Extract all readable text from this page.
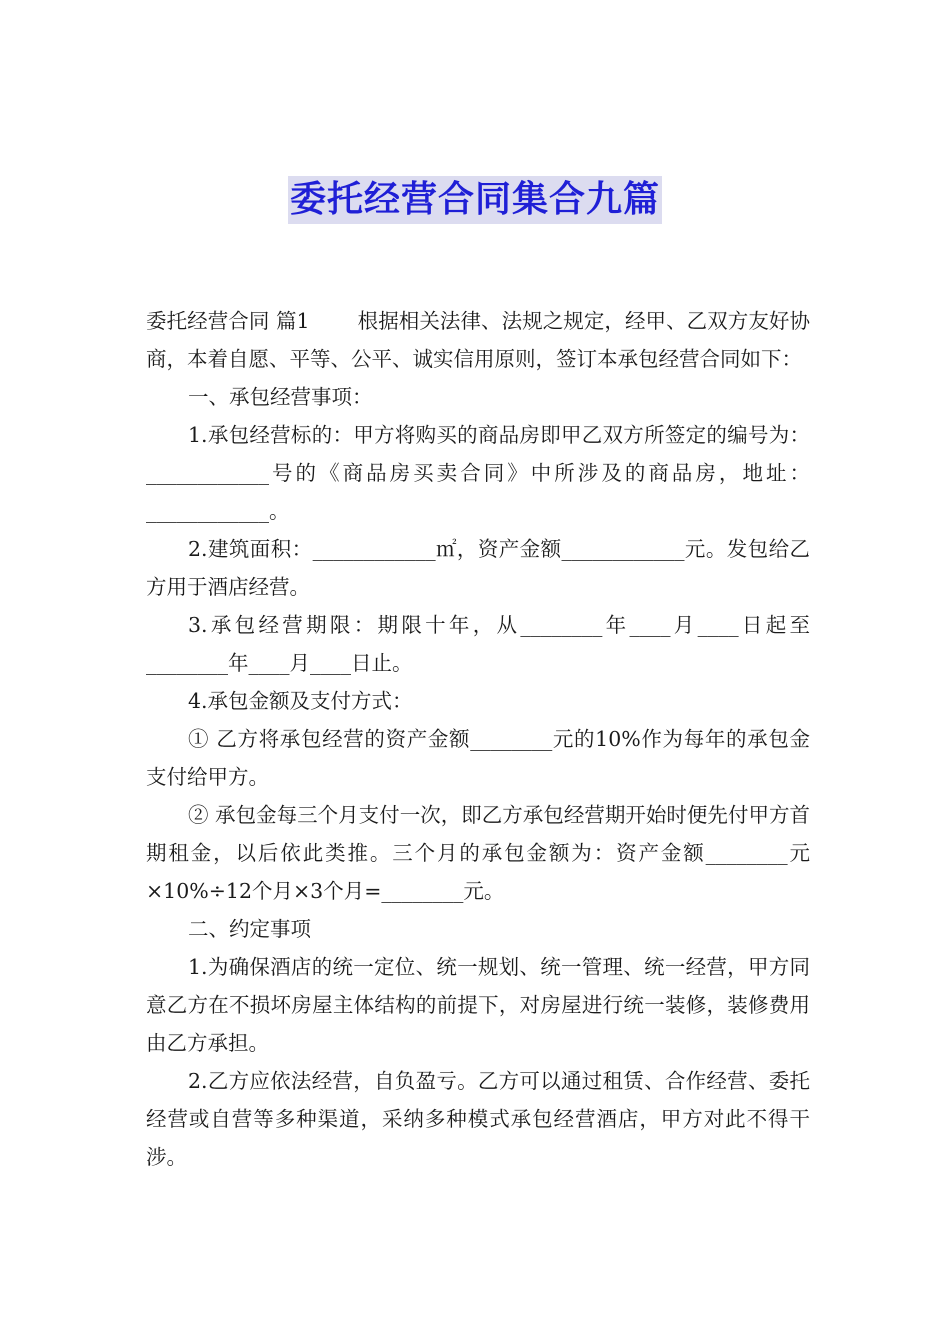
委托经营合同集合九篇

委托经营合同 篇1 根据相关法律、法规之规定，经甲、乙双方友好协商，本着自愿、平等、公平、诚实信用原则，签订本承包经营合同如下：

一、承包经营事项：

1.承包经营标的：甲方将购买的商品房即甲乙双方所签定的编号为：____________号的《商品房买卖合同》中所涉及的商品房，地址：____________。

2.建筑面积：____________㎡，资产金额____________元。发包给乙方用于酒店经营。

3.承包经营期限：期限十年，从________年____月____日起至________年____月____日止。

4.承包金额及支付方式：

① 乙方将承包经营的资产金额________元的10%作为每年的承包金支付给甲方。

② 承包金每三个月支付一次，即乙方承包经营期开始时便先付甲方首期租金，以后依此类推。三个月的承包金额为：资产金额________元×10%÷12个月×3个月=________元。

二、约定事项

1.为确保酒店的统一定位、统一规划、统一管理、统一经营，甲方同意乙方在不损坏房屋主体结构的前提下，对房屋进行统一装修，装修费用由乙方承担。

2.乙方应依法经营，自负盈亏。乙方可以通过租赁、合作经营、委托经营或自营等多种渠道，采纳多种模式承包经营酒店，甲方对此不得干涉。
